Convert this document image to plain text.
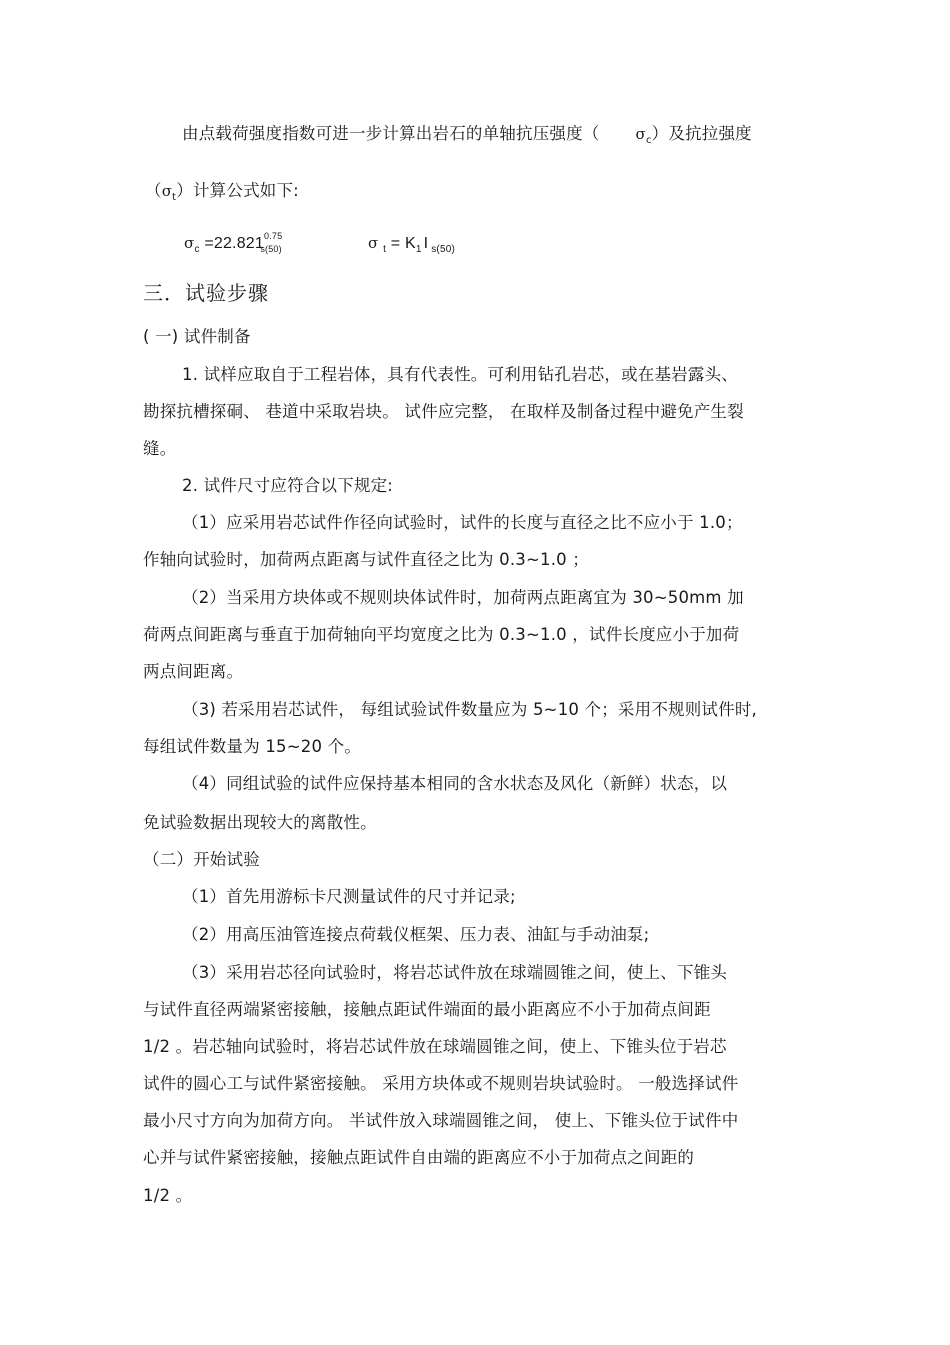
由点载荷强度指数可进一步计算出岩石的单轴抗压强度（ $\sigma_c$）及抗拉强度
$(\sigma_t)$计算公式如下:
$\sigma_c =22.821^{0.75}_{s(50)}$	σ $_t = K_1$ I $_{s(50)}$
三．试验步骤
( 一) 试件制备
1. 试样应取自于工程岩体，具有代表性。可利用钻孔岩芯，或在基岩露头、
勘探抗槽探硐、 巷道中采取岩块。 试件应完整， 在取样及制备过程中避免产生裂
缝。
2. 试件尺寸应符合以下规定:
（1）应采用岩芯试件作径向试验时，试件的长度与直径之比不应小于 1.0；
作轴向试验时，加荷两点距离与试件直径之比为 0.3~1.0 ；
（2）当采用方块体或不规则块体试件时，加荷两点距离宜为 30~50mm 加
荷两点间距离与垂直于加荷轴向平均宽度之比为 0.3~1.0 ，试件长度应小于加荷
两点间距离。
（3) 若采用岩芯试件， 每组试验试件数量应为 5~10 个；采用不规则试件时,
每组试件数量为 15~20 个。
（4）同组试验的试件应保持基本相同的含水状态及风化（新鲜）状态，以
免试验数据出现较大的离散性。
（二）开始试验
（1）首先用游标卡尺测量试件的尺寸并记录;
（2）用高压油管连接点荷载仪框架、压力表、油缸与手动油泵;
（3）采用岩芯径向试验时，将岩芯试件放在球端圆锥之间，使上、下锥头
与试件直径两端紧密接触，接触点距试件端面的最小距离应不小于加荷点间距
1/2 。岩芯轴向试验时，将岩芯试件放在球端圆锥之间，使上、下锥头位于岩芯
试件的圆心工与试件紧密接触。 采用方块体或不规则岩块试验时。 一般选择试件
最小尺寸方向为加荷方向。 半试件放入球端圆锥之间， 使上、下锥头位于试件中
心并与试件紧密接触，接触点距试件自由端的距离应不小于加荷点之间距的
1/2 。
